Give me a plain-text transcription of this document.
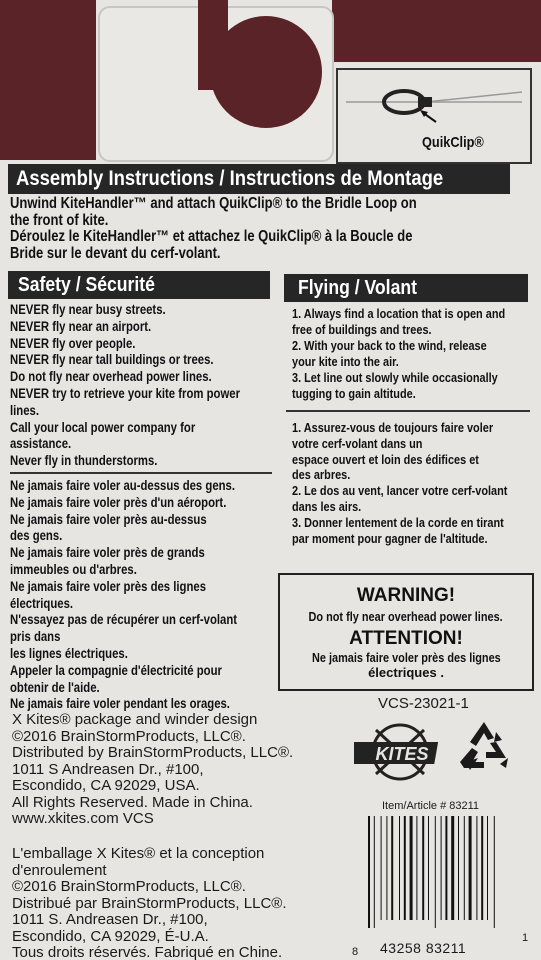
QuikClip®
Assembly Instructions / Instructions de Montage

Unwind KiteHandler™ and attach QuikClip® to the Bridle Loop on

the front of kite.

Déroulez le KiteHandler™ et attachez le QuikClip® à la Boucle de

Bride sur le devant du cerf-volant.

Safety / Sécurité

NEVER fly near busy streets.

NEVER fly near an airport.

NEVER fly over people.

NEVER fly near tall buildings or trees.

Do not fly near overhead power lines.

NEVER try to retrieve your kite from power

lines.

Call your local power company for

assistance.

Never fly in thunderstorms.

Ne jamais faire voler au-dessus des gens.

Ne jamais faire voler près d'un aéroport.

Ne jamais faire voler près au-dessus

des gens.

Ne jamais faire voler près de grands

immeubles ou d'arbres.

Ne jamais faire voler près des lignes

électriques.

N'essayez pas de récupérer un cerf-volant

pris dans

les lignes électriques.

Appeler la compagnie d'électricité pour

obtenir de l'aide.

Ne jamais faire voler pendant les orages.

Flying / Volant

1. Always find a location that is open and

free of buildings and trees.

2. With your back to the wind, release

your kite into the air.

3. Let line out slowly while occasionally

tugging to gain altitude.

1. Assurez-vous de toujours faire voler

votre cerf-volant dans un

espace ouvert et loin des édifices et

des arbres.

2. Le dos au vent, lancer votre cerf-volant

dans les airs.

3. Donner lentement de la corde en tirant

par moment pour gagner de l'altitude.

WARNING!
Do not fly near overhead power lines.
ATTENTION!
Ne jamais faire voler près des lignes
électriques .
VCS-23021-1
KITES
X Kites® package and winder design
©2016 BrainStormProducts, LLC®.
Distributed by BrainStormProducts, LLC®.
1011 S Andreasen Dr., #100,
Escondido, CA 92029, USA.
All Rights Reserved. Made in China.
www.xkites.com VCS
Item/Article # 83211
L'emballage X Kites® et la conception
d'enroulement
©2016 BrainStormProducts, LLC®.
Distribué par BrainStormProducts, LLC®.
1011 S. Andreasen Dr., #100,
Escondido, CA 92029, É-U.A.
Tous droits réservés. Fabriqué en Chine.	8 43258 83211
1
